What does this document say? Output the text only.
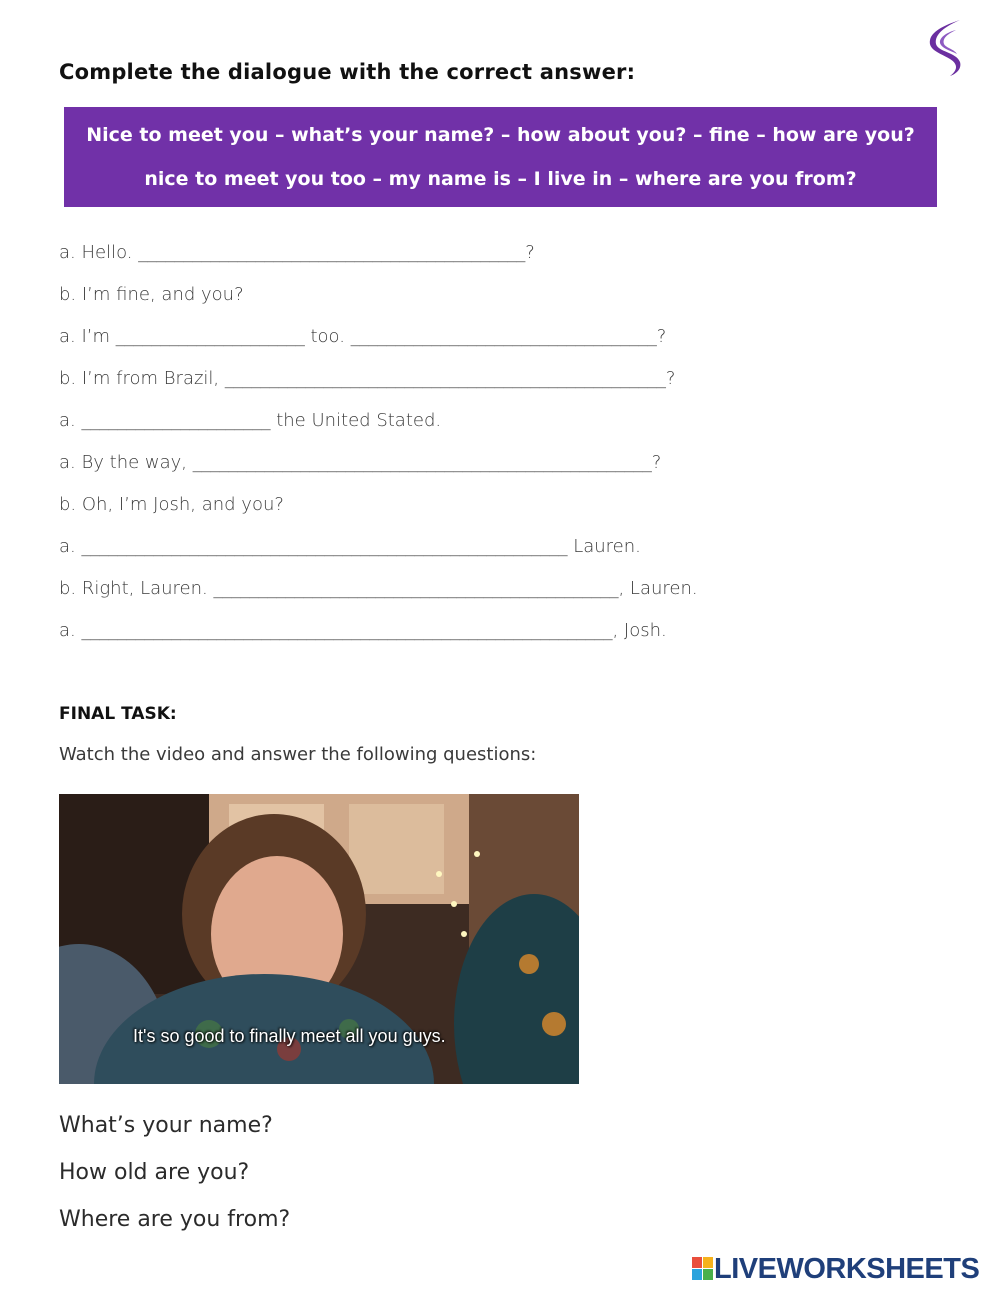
Complete the dialogue with the correct answer:
Nice to meet you – what’s your name? – how about you? – fine – how are you?
nice to meet you too – my name is – I live in – where are you from?
a. Hello. ___________________________________________?
b. I’m fine, and you?
a. I’m _____________________ too. __________________________________?
b. I’m from Brazil, _________________________________________________?
a. _____________________ the United Stated.
a. By the way, ___________________________________________________?
b. Oh, I’m Josh, and you?
a. ______________________________________________________ Lauren.
b. Right, Lauren. _____________________________________________, Lauren.
a. ___________________________________________________________, Josh.
FINAL TASK:
Watch the video and answer the following questions:
It's so good to finally meet all you guys.
What’s your name?
How old are you?
Where are you from?
LIVEWORKSHEETS
